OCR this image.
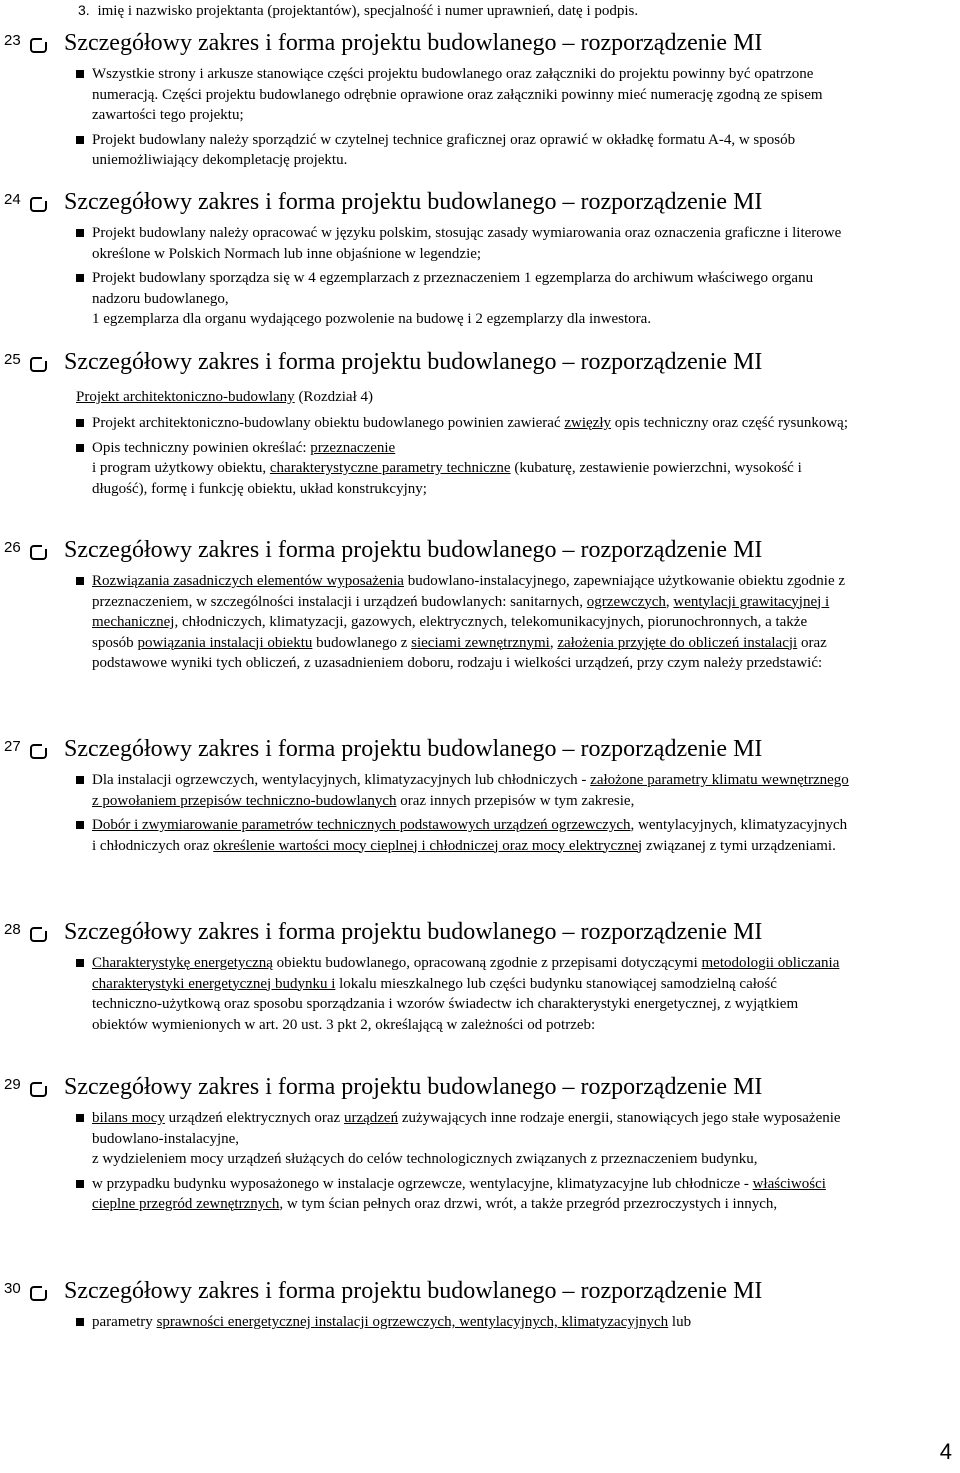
3. imię i nazwisko projektanta (projektantów), specjalność i numer uprawnień, datę i podpis.
23 Szczegółowy zakres i forma projektu budowlanego – rozporządzenie MI
Wszystkie strony i arkusze stanowiące części projektu budowlanego oraz załączniki do projektu powinny być opatrzone numeracją. Części projektu budowlanego odrębnie oprawione oraz załączniki powinny mieć numerację zgodną ze spisem zawartości tego projektu;
Projekt budowlany należy sporządzić w czytelnej technice graficznej oraz oprawić w okładkę formatu A-4, w sposób uniemożliwiający dekompletację projektu.
24 Szczegółowy zakres i forma projektu budowlanego – rozporządzenie MI
Projekt budowlany należy opracować w języku polskim, stosując zasady wymiarowania oraz oznaczenia graficzne i literowe określone w Polskich Normach lub inne objaśnione w legendzie;
Projekt budowlany sporządza się w 4 egzemplarzach z przeznaczeniem 1 egzemplarza do archiwum właściwego organu nadzoru budowlanego,
1 egzemplarza dla organu wydającego pozwolenie na budowę i 2 egzemplarzy dla inwestora.
25 Szczegółowy zakres i forma projektu budowlanego – rozporządzenie MI
Projekt architektoniczno-budowlany (Rozdział 4)
Projekt architektoniczno-budowlany obiektu budowlanego powinien zawierać zwięzły opis techniczny oraz część rysunkową;
Opis techniczny powinien określać: przeznaczenie
i program użytkowy obiektu, charakterystyczne parametry techniczne (kubaturę, zestawienie powierzchni, wysokość i długość), formę i funkcję obiektu, układ konstrukcyjny;
26 Szczegółowy zakres i forma projektu budowlanego – rozporządzenie MI
Rozwiązania zasadniczych elementów wyposażenia budowlano-instalacyjnego, zapewniające użytkowanie obiektu zgodnie z przeznaczeniem, w szczególności instalacji i urządzeń budowlanych: sanitarnych, ogrzewczych, wentylacji grawitacyjnej i mechanicznej, chłodniczych, klimatyzacji, gazowych, elektrycznych, telekomunikacyjnych, piorunochronnych, a także sposób powiązania instalacji obiektu budowlanego z sieciami zewnętrznymi, założenia przyjęte do obliczeń instalacji oraz podstawowe wyniki tych obliczeń, z uzasadnieniem doboru, rodzaju i wielkości urządzeń, przy czym należy przedstawić:
27 Szczegółowy zakres i forma projektu budowlanego – rozporządzenie MI
Dla instalacji ogrzewczych, wentylacyjnych, klimatyzacyjnych lub chłodniczych - założone parametry klimatu wewnętrznego z powołaniem przepisów techniczno-budowlanych oraz innych przepisów w tym zakresie,
Dobór i zwymiarowanie parametrów technicznych podstawowych urządzeń ogrzewczych, wentylacyjnych, klimatyzacyjnych i chłodniczych oraz określenie wartości mocy cieplnej i chłodniczej oraz mocy elektrycznej związanej z tymi urządzeniami.
28 Szczegółowy zakres i forma projektu budowlanego – rozporządzenie MI
Charakterystykę energetyczną obiektu budowlanego, opracowaną zgodnie z przepisami dotyczącymi metodologii obliczania charakterystyki energetycznej budynku i lokalu mieszkalnego lub części budynku stanowiącej samodzielną całość techniczno-użytkową oraz sposobu sporządzania i wzorów świadectw ich charakterystyki energetycznej, z wyjątkiem obiektów wymienionych w art. 20 ust. 3 pkt 2, określającą w zależności od potrzeb:
29 Szczegółowy zakres i forma projektu budowlanego – rozporządzenie MI
bilans mocy urządzeń elektrycznych oraz urządzeń zużywających inne rodzaje energii, stanowiących jego stałe wyposażenie budowlano-instalacyjne,
z wydzieleniem mocy urządzeń służących do celów technologicznych związanych z przeznaczeniem budynku,
w przypadku budynku wyposażonego w instalacje ogrzewcze, wentylacyjne, klimatyzacyjne lub chłodnicze - właściwości cieplne przegród zewnętrznych, w tym ścian pełnych oraz drzwi, wrót, a także przegród przezroczystych i innych,
30 Szczegółowy zakres i forma projektu budowlanego – rozporządzenie MI
parametry sprawności energetycznej instalacji ogrzewczych, wentylacyjnych, klimatyzacyjnych lub
4
